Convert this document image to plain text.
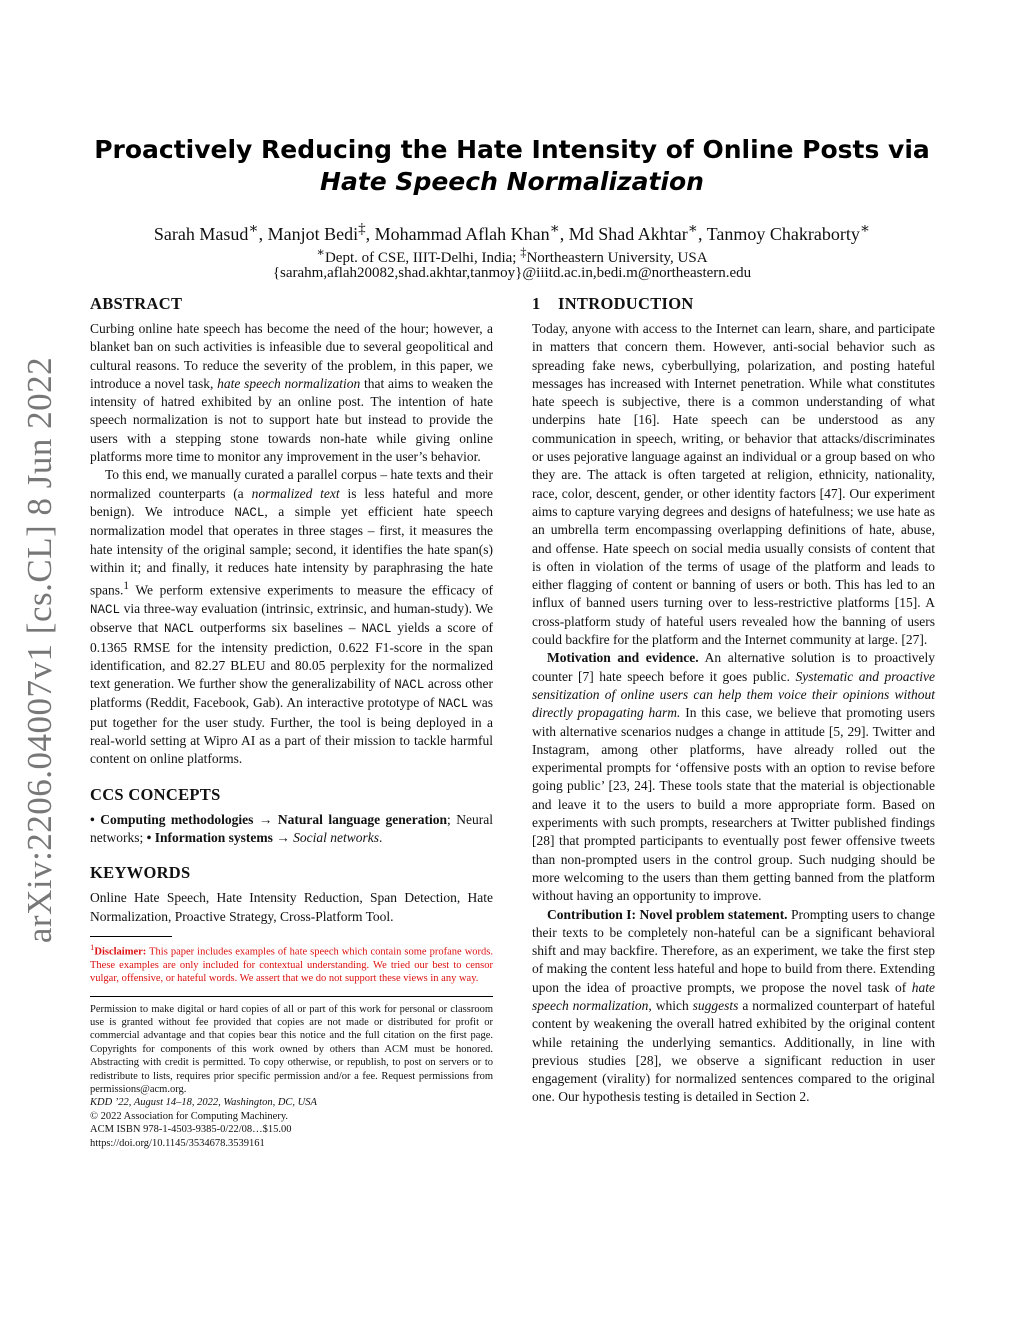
arXiv:2206.04007v1 [cs.CL] 8 Jun 2022
Proactively Reducing the Hate Intensity of Online Posts via Hate Speech Normalization
Sarah Masud∗, Manjot Bedi‡, Mohammad Aflah Khan∗, Md Shad Akhtar∗, Tanmoy Chakraborty∗
∗Dept. of CSE, IIIT-Delhi, India; ‡Northeastern University, USA
{sarahm,aflah20082,shad.akhtar,tanmoy}@iiitd.ac.in,bedi.m@northeastern.edu
ABSTRACT

Curbing online hate speech has become the need of the hour; however, a blanket ban on such activities is infeasible due to several geopolitical and cultural reasons. To reduce the severity of the problem, in this paper, we introduce a novel task, hate speech normalization that aims to weaken the intensity of hatred exhibited by an online post. The intention of hate speech normalization is not to support hate but instead to provide the users with a stepping stone towards non-hate while giving online platforms more time to monitor any improvement in the user’s behavior.

To this end, we manually curated a parallel corpus – hate texts and their normalized counterparts (a normalized text is less hateful and more benign). We introduce NACL, a simple yet efficient hate speech normalization model that operates in three stages – first, it measures the hate intensity of the original sample; second, it identifies the hate span(s) within it; and finally, it reduces hate intensity by paraphrasing the hate spans.$^1$ We perform extensive experiments to measure the efficacy of NACL via three-way evaluation (intrinsic, extrinsic, and human-study). We observe that NACL outperforms six baselines – NACL yields a score of 0.1365 RMSE for the intensity prediction, 0.622 F1-score in the span identification, and 82.27 BLEU and 80.05 perplexity for the normalized text generation. We further show the generalizability of NACL across other platforms (Reddit, Facebook, Gab). An interactive prototype of NACL was put together for the user study. Further, the tool is being deployed in a real-world setting at Wipro AI as a part of their mission to tackle harmful content on online platforms.

CCS CONCEPTS

• Computing methodologies → Natural language generation; Neural networks; • Information systems → Social networks.

KEYWORDS

Online Hate Speech, Hate Intensity Reduction, Span Detection, Hate Normalization, Proactive Strategy, Cross-Platform Tool.

$^1$Disclaimer: This paper includes examples of hate speech which contain some profane words. These examples are only included for contextual understanding. We tried our best to censor vulgar, offensive, or hateful words. We assert that we do not support these views in any way.
Permission to make digital or hard copies of all or part of this work for personal or classroom use is granted without fee provided that copies are not made or distributed for profit or commercial advantage and that copies bear this notice and the full citation on the first page. Copyrights for components of this work owned by others than ACM must be honored. Abstracting with credit is permitted. To copy otherwise, or republish, to post on servers or to redistribute to lists, requires prior specific permission and/or a fee. Request permissions from permissions@acm.org.
KDD ’22, August 14–18, 2022, Washington, DC, USA
© 2022 Association for Computing Machinery.
ACM ISBN 978-1-4503-9385-0/22/08…$15.00
https://doi.org/10.1145/3534678.3539161
1 INTRODUCTION

Today, anyone with access to the Internet can learn, share, and participate in matters that concern them. However, anti-social behavior such as spreading fake news, cyberbullying, polarization, and posting hateful messages has increased with Internet penetration. While what constitutes hate speech is subjective, there is a common understanding of what underpins hate [16]. Hate speech can be understood as any communication in speech, writing, or behavior that attacks/discriminates or uses pejorative language against an individual or a group based on who they are. The attack is often targeted at religion, ethnicity, nationality, race, color, descent, gender, or other identity factors [47]. Our experiment aims to capture varying degrees and designs of hatefulness; we use hate as an umbrella term encompassing overlapping definitions of hate, abuse, and offense. Hate speech on social media usually consists of content that is often in violation of the terms of usage of the platform and leads to either flagging of content or banning of users or both. This has led to an influx of banned users turning over to less-restrictive platforms [15]. A cross-platform study of hateful users revealed how the banning of users could backfire for the platform and the Internet community at large. [27].

Motivation and evidence. An alternative solution is to proactively counter [7] hate speech before it goes public. Systematic and proactive sensitization of online users can help them voice their opinions without directly propagating harm. In this case, we believe that promoting users with alternative scenarios nudges a change in attitude [5, 29]. Twitter and Instagram, among other platforms, have already rolled out the experimental prompts for ‘offensive posts with an option to revise before going public’ [23, 24]. These tools state that the material is objectionable and leave it to the users to build a more appropriate form. Based on experiments with such prompts, researchers at Twitter published findings [28] that prompted participants to eventually post fewer offensive tweets than non-prompted users in the control group. Such nudging should be more welcoming to the users than them getting banned from the platform without having an opportunity to improve.

Contribution I: Novel problem statement. Prompting users to change their texts to be completely non-hateful can be a significant behavioral shift and may backfire. Therefore, as an experiment, we take the first step of making the content less hateful and hope to build from there. Extending upon the idea of proactive prompts, we propose the novel task of hate speech normalization, which suggests a normalized counterpart of hateful content by weakening the overall hatred exhibited by the original content while retaining the underlying semantics. Additionally, in line with previous studies [28], we observe a significant reduction in user engagement (virality) for normalized sentences compared to the original one. Our hypothesis testing is detailed in Section 2.
